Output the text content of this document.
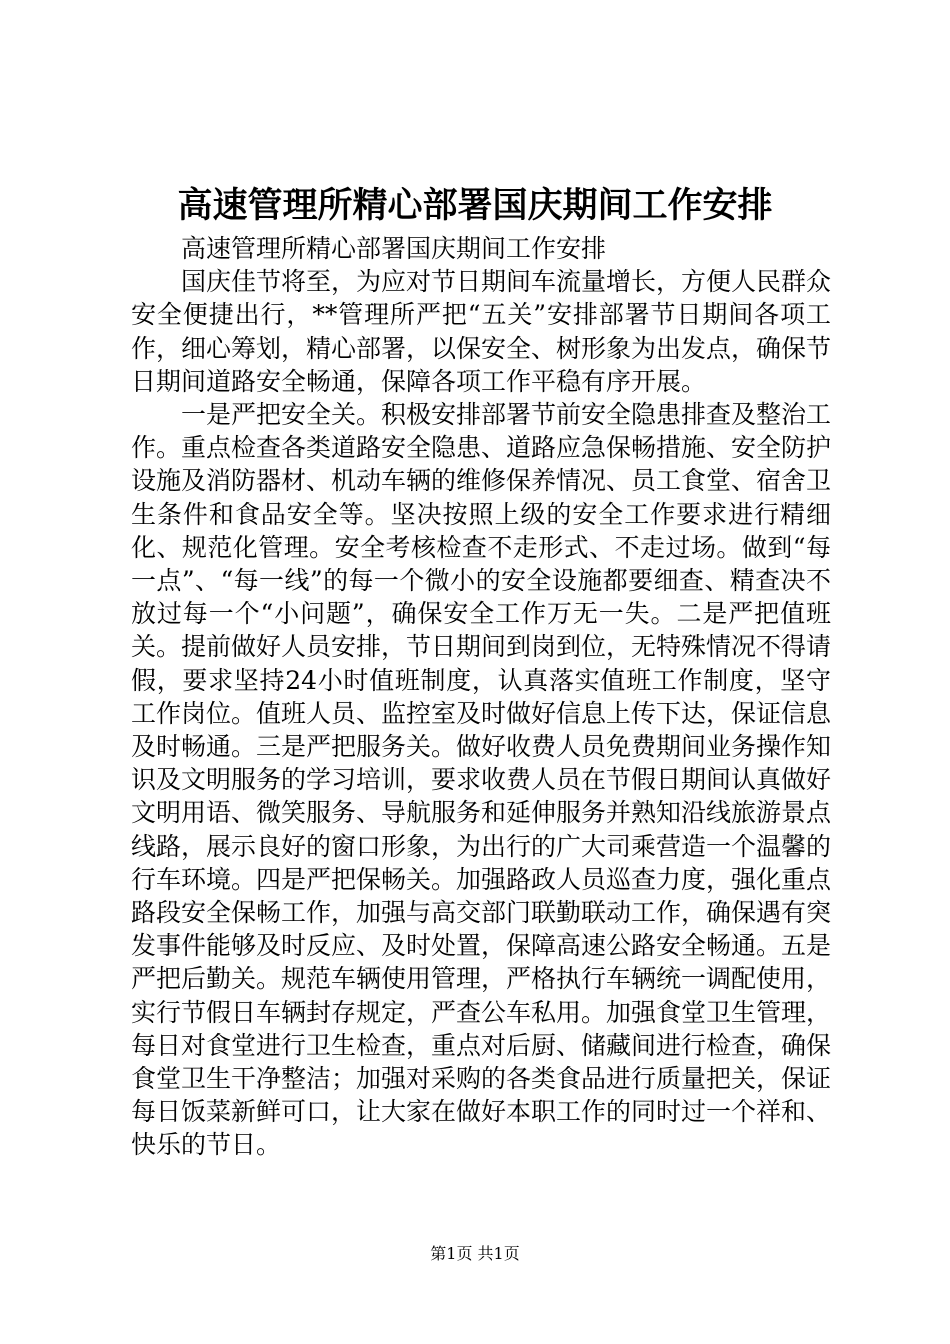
高速管理所精心部署国庆期间工作安排

高速管理所精心部署国庆期间工作安排

国庆佳节将至，为应对节日期间车流量增长，方便人民群众安全便捷出行，**管理所严把“五关”安排部署节日期间各项工作，细心筹划，精心部署，以保安全、树形象为出发点，确保节日期间道路安全畅通，保障各项工作平稳有序开展。

一是严把安全关。积极安排部署节前安全隐患排查及整治工作。重点检查各类道路安全隐患、道路应急保畅措施、安全防护设施及消防器材、机动车辆的维修保养情况、员工食堂、宿舍卫生条件和食品安全等。坚决按照上级的安全工作要求进行精细化、规范化管理。安全考核检查不走形式、不走过场。做到“每一点”、“每一线”的每一个微小的安全设施都要细查、精查决不放过每一个“小问题”，确保安全工作万无一失。二是严把值班关。提前做好人员安排，节日期间到岗到位，无特殊情况不得请假，要求坚持24小时值班制度，认真落实值班工作制度，坚守工作岗位。值班人员、监控室及时做好信息上传下达，保证信息及时畅通。三是严把服务关。做好收费人员免费期间业务操作知识及文明服务的学习培训，要求收费人员在节假日期间认真做好文明用语、微笑服务、导航服务和延伸服务并熟知沿线旅游景点线路，展示良好的窗口形象，为出行的广大司乘营造一个温馨的行车环境。四是严把保畅关。加强路政人员巡查力度，强化重点路段安全保畅工作，加强与高交部门联勤联动工作，确保遇有突发事件能够及时反应、及时处置，保障高速公路安全畅通。五是严把后勤关。规范车辆使用管理，严格执行车辆统一调配使用，实行节假日车辆封存规定，严查公车私用。加强食堂卫生管理，每日对食堂进行卫生检查，重点对后厨、储藏间进行检查，确保食堂卫生干净整洁；加强对采购的各类食品进行质量把关，保证每日饭菜新鲜可口，让大家在做好本职工作的同时过一个祥和、快乐的节日。

第1页 共1页
